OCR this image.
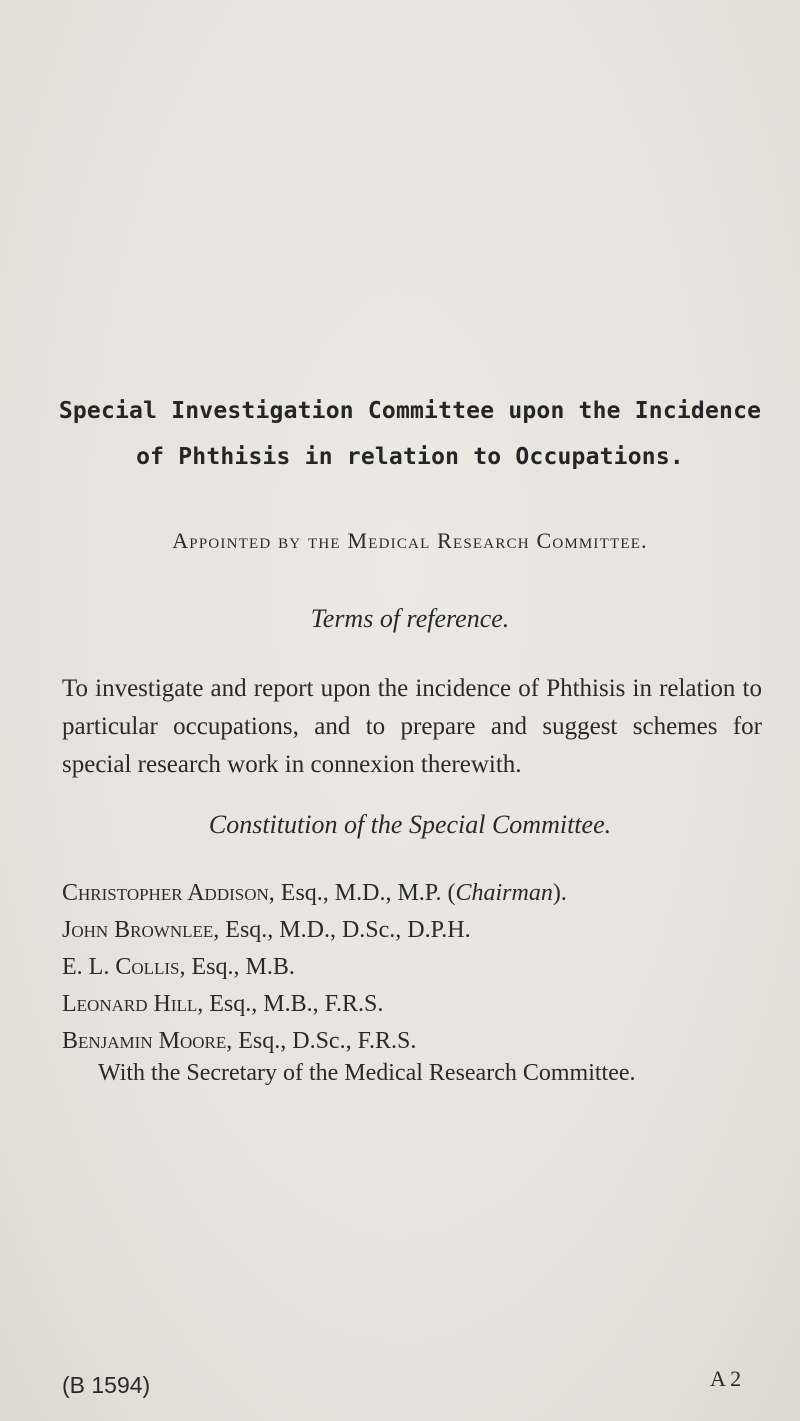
Special Investigation Committee upon the Incidence
of Phthisis in relation to Occupations.
Appointed by the Medical Research Committee.
Terms of reference.
To investigate and report upon the incidence of Phthisis in relation to particular occupations, and to prepare and suggest schemes for special research work in connexion therewith.
Constitution of the Special Committee.
Christopher Addison, Esq., M.D., M.P. (Chairman).
John Brownlee, Esq., M.D., D.Sc., D.P.H.
E. L. Collis, Esq., M.B.
Leonard Hill, Esq., M.B., F.R.S.
Benjamin Moore, Esq., D.Sc., F.R.S.
With the Secretary of the Medical Research Committee.
(B 1594)	A 2
